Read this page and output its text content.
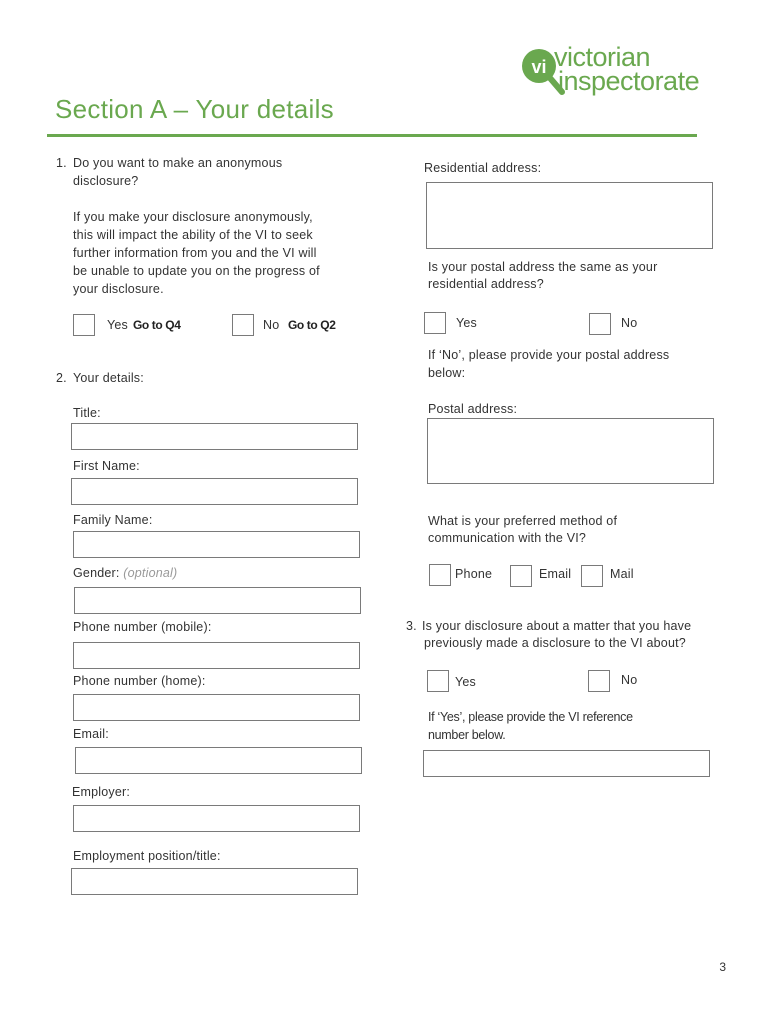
vi victorian
inspectorate
Section A – Your details
1. Do you want to make an anonymous
disclosure?
If you make your disclosure anonymously,
this will impact the ability of the VI to seek
further information from you and the VI will
be unable to update you on the progress of
your disclosure.
Yes Go to Q4	No Go to Q2
2. Your details:
Title:
First Name:
Family Name:
Gender: (optional)
Phone number (mobile):
Phone number (home):
Email:
Employer:
Employment position/title:
Residential address:
Is your postal address the same as your
residential address?
Yes	No
If ‘No’, please provide your postal address
below:
Postal address:
What is your preferred method of
communication with the VI?
Phone	Email	Mail
3. Is your disclosure about a matter that you have
previously made a disclosure to the VI about?
Yes	No
If ‘Yes’, please provide the VI reference
number below.
3
